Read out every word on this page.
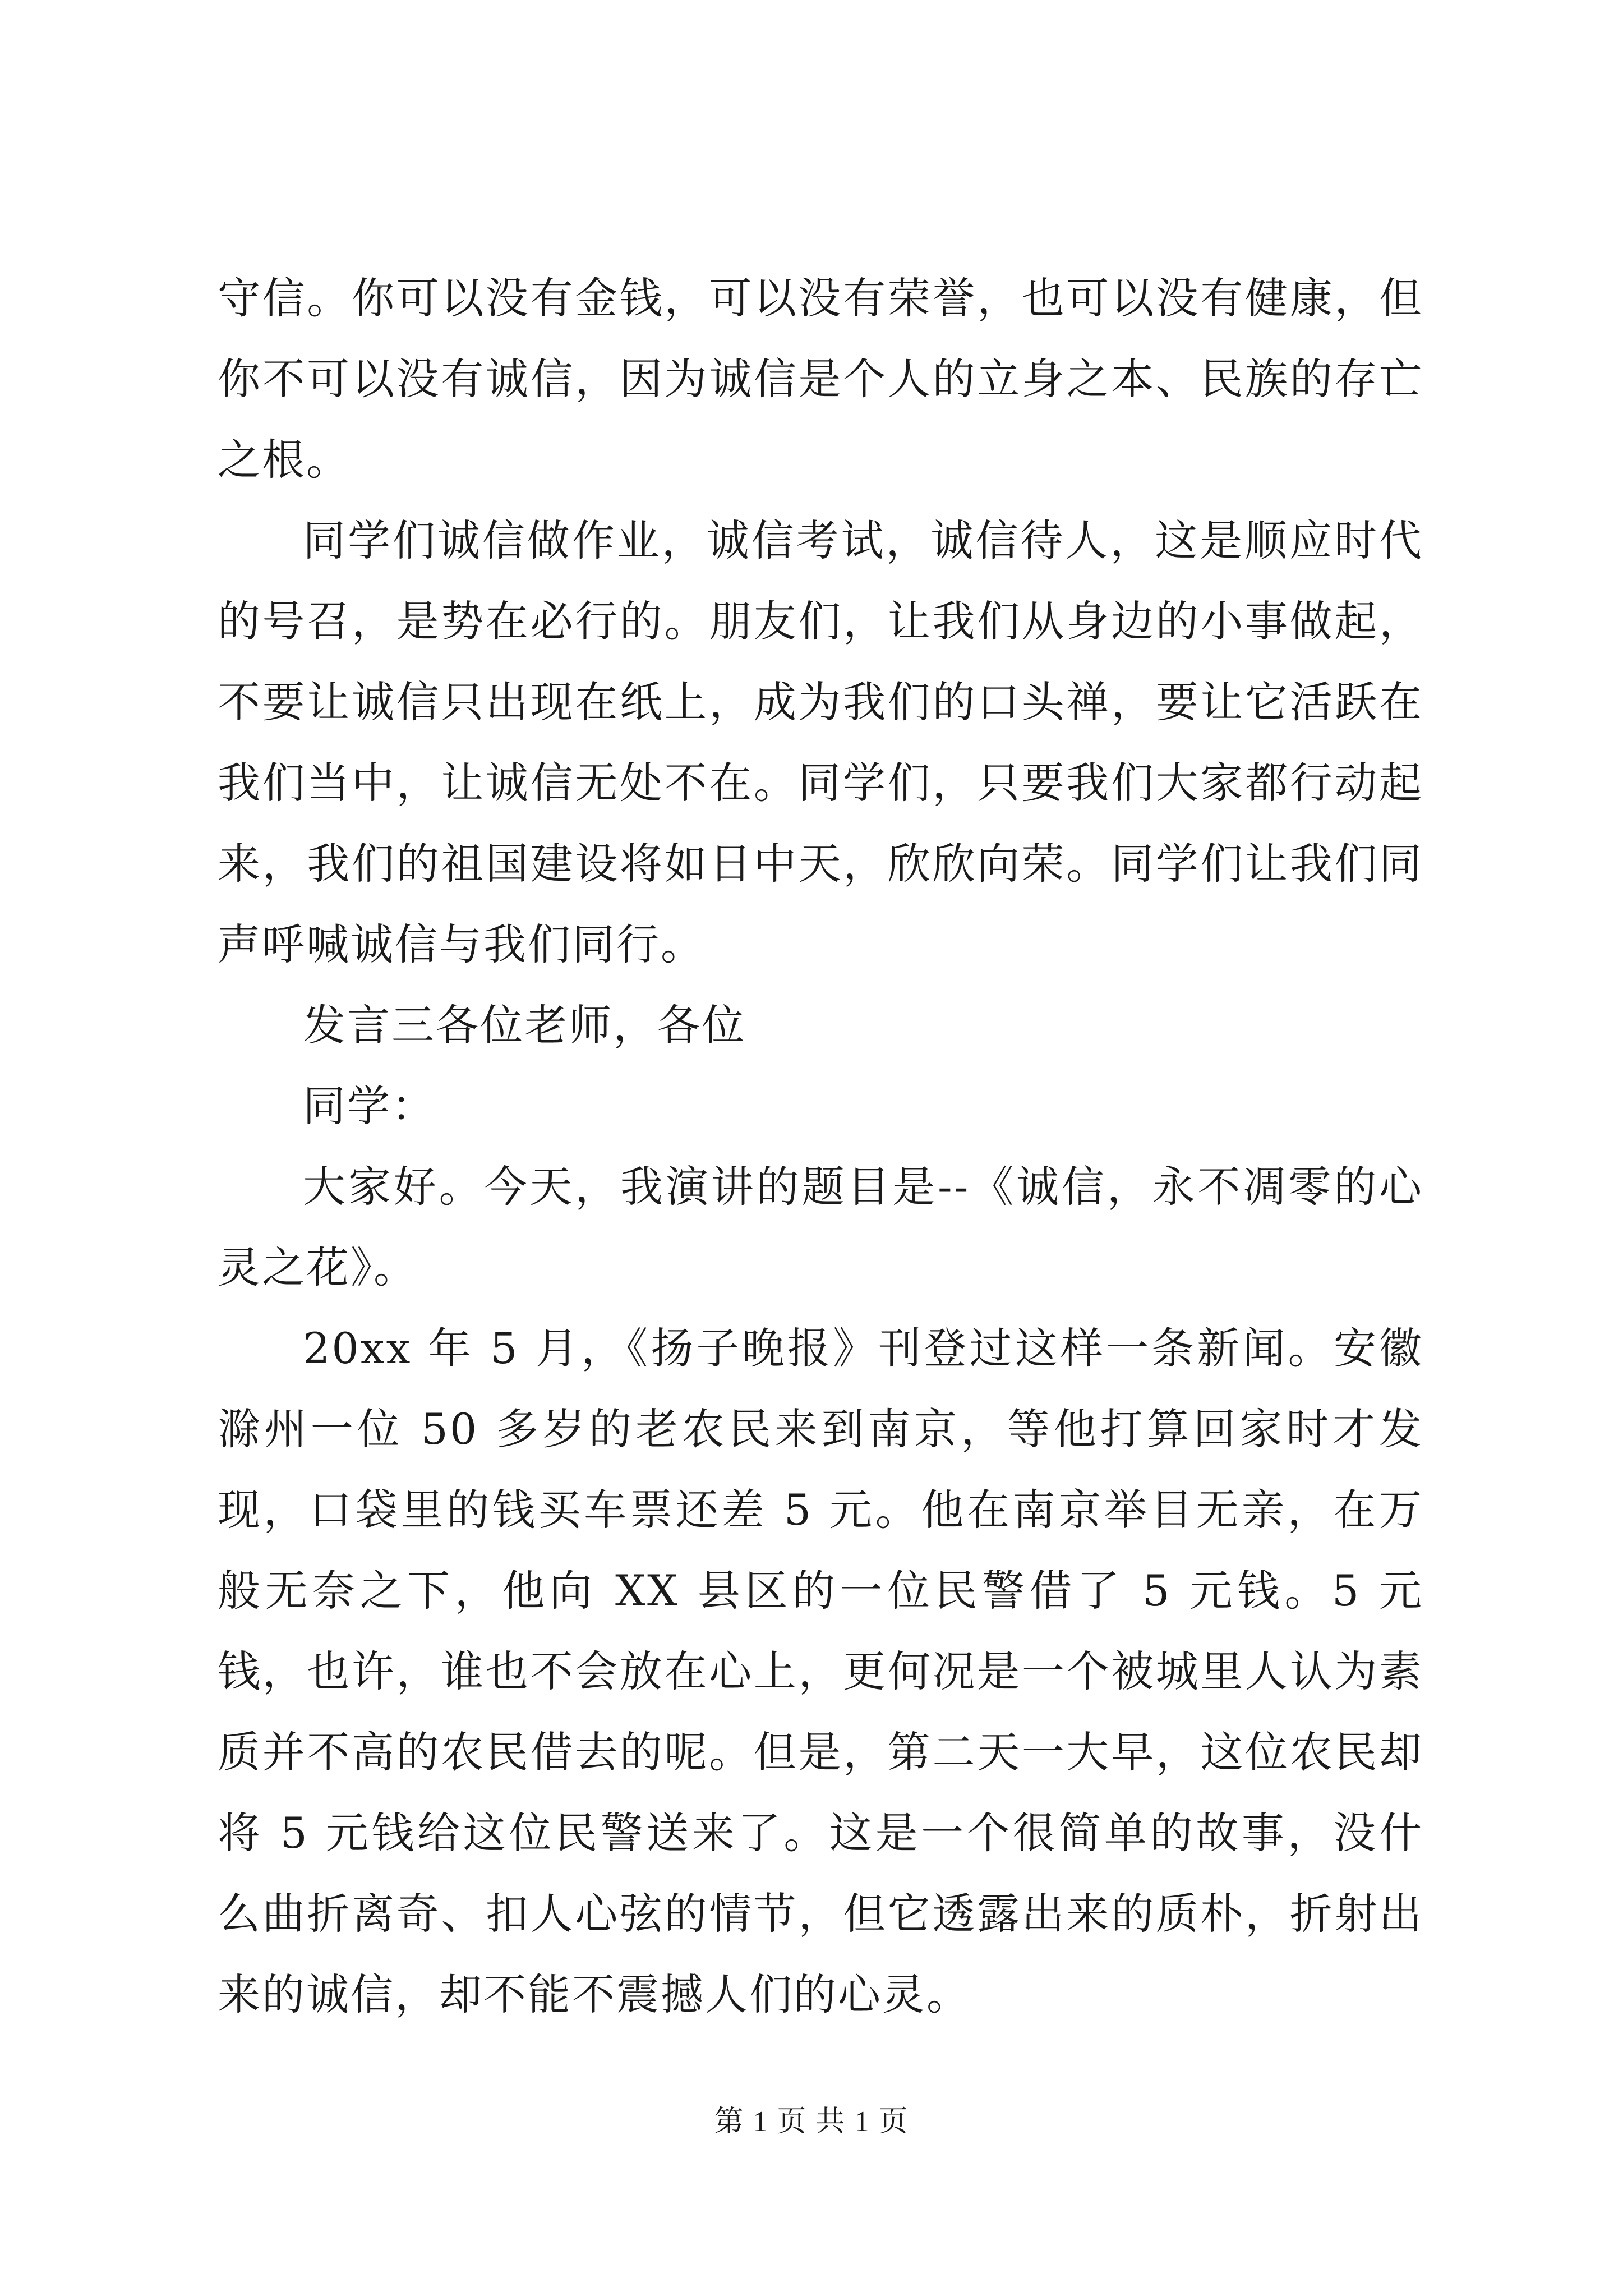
守信。你可以没有金钱，可以没有荣誉，也可以没有健康，但你不可以没有诚信，因为诚信是个人的立身之本、民族的存亡之根。

同学们诚信做作业，诚信考试，诚信待人，这是顺应时代的号召，是势在必行的。朋友们，让我们从身边的小事做起，不要让诚信只出现在纸上，成为我们的口头禅，要让它活跃在我们当中，让诚信无处不在。同学们，只要我们大家都行动起来，我们的祖国建设将如日中天，欣欣向荣。同学们让我们同声呼喊诚信与我们同行。

发言三各位老师，各位

同学：

大家好。今天，我演讲的题目是--《诚信，永不凋零的心灵之花》。

20xx 年 5 月，《扬子晚报》刊登过这样一条新闻。安徽滁州一位 50 多岁的老农民来到南京，等他打算回家时才发现，口袋里的钱买车票还差 5 元。他在南京举目无亲，在万般无奈之下，他向 XX 县区的一位民警借了 5 元钱。5 元钱，也许，谁也不会放在心上，更何况是一个被城里人认为素质并不高的农民借去的呢。但是，第二天一大早，这位农民却将 5 元钱给这位民警送来了。这是一个很简单的故事，没什么曲折离奇、扣人心弦的情节，但它透露出来的质朴，折射出来的诚信，却不能不震撼人们的心灵。

第 1 页 共 1 页
